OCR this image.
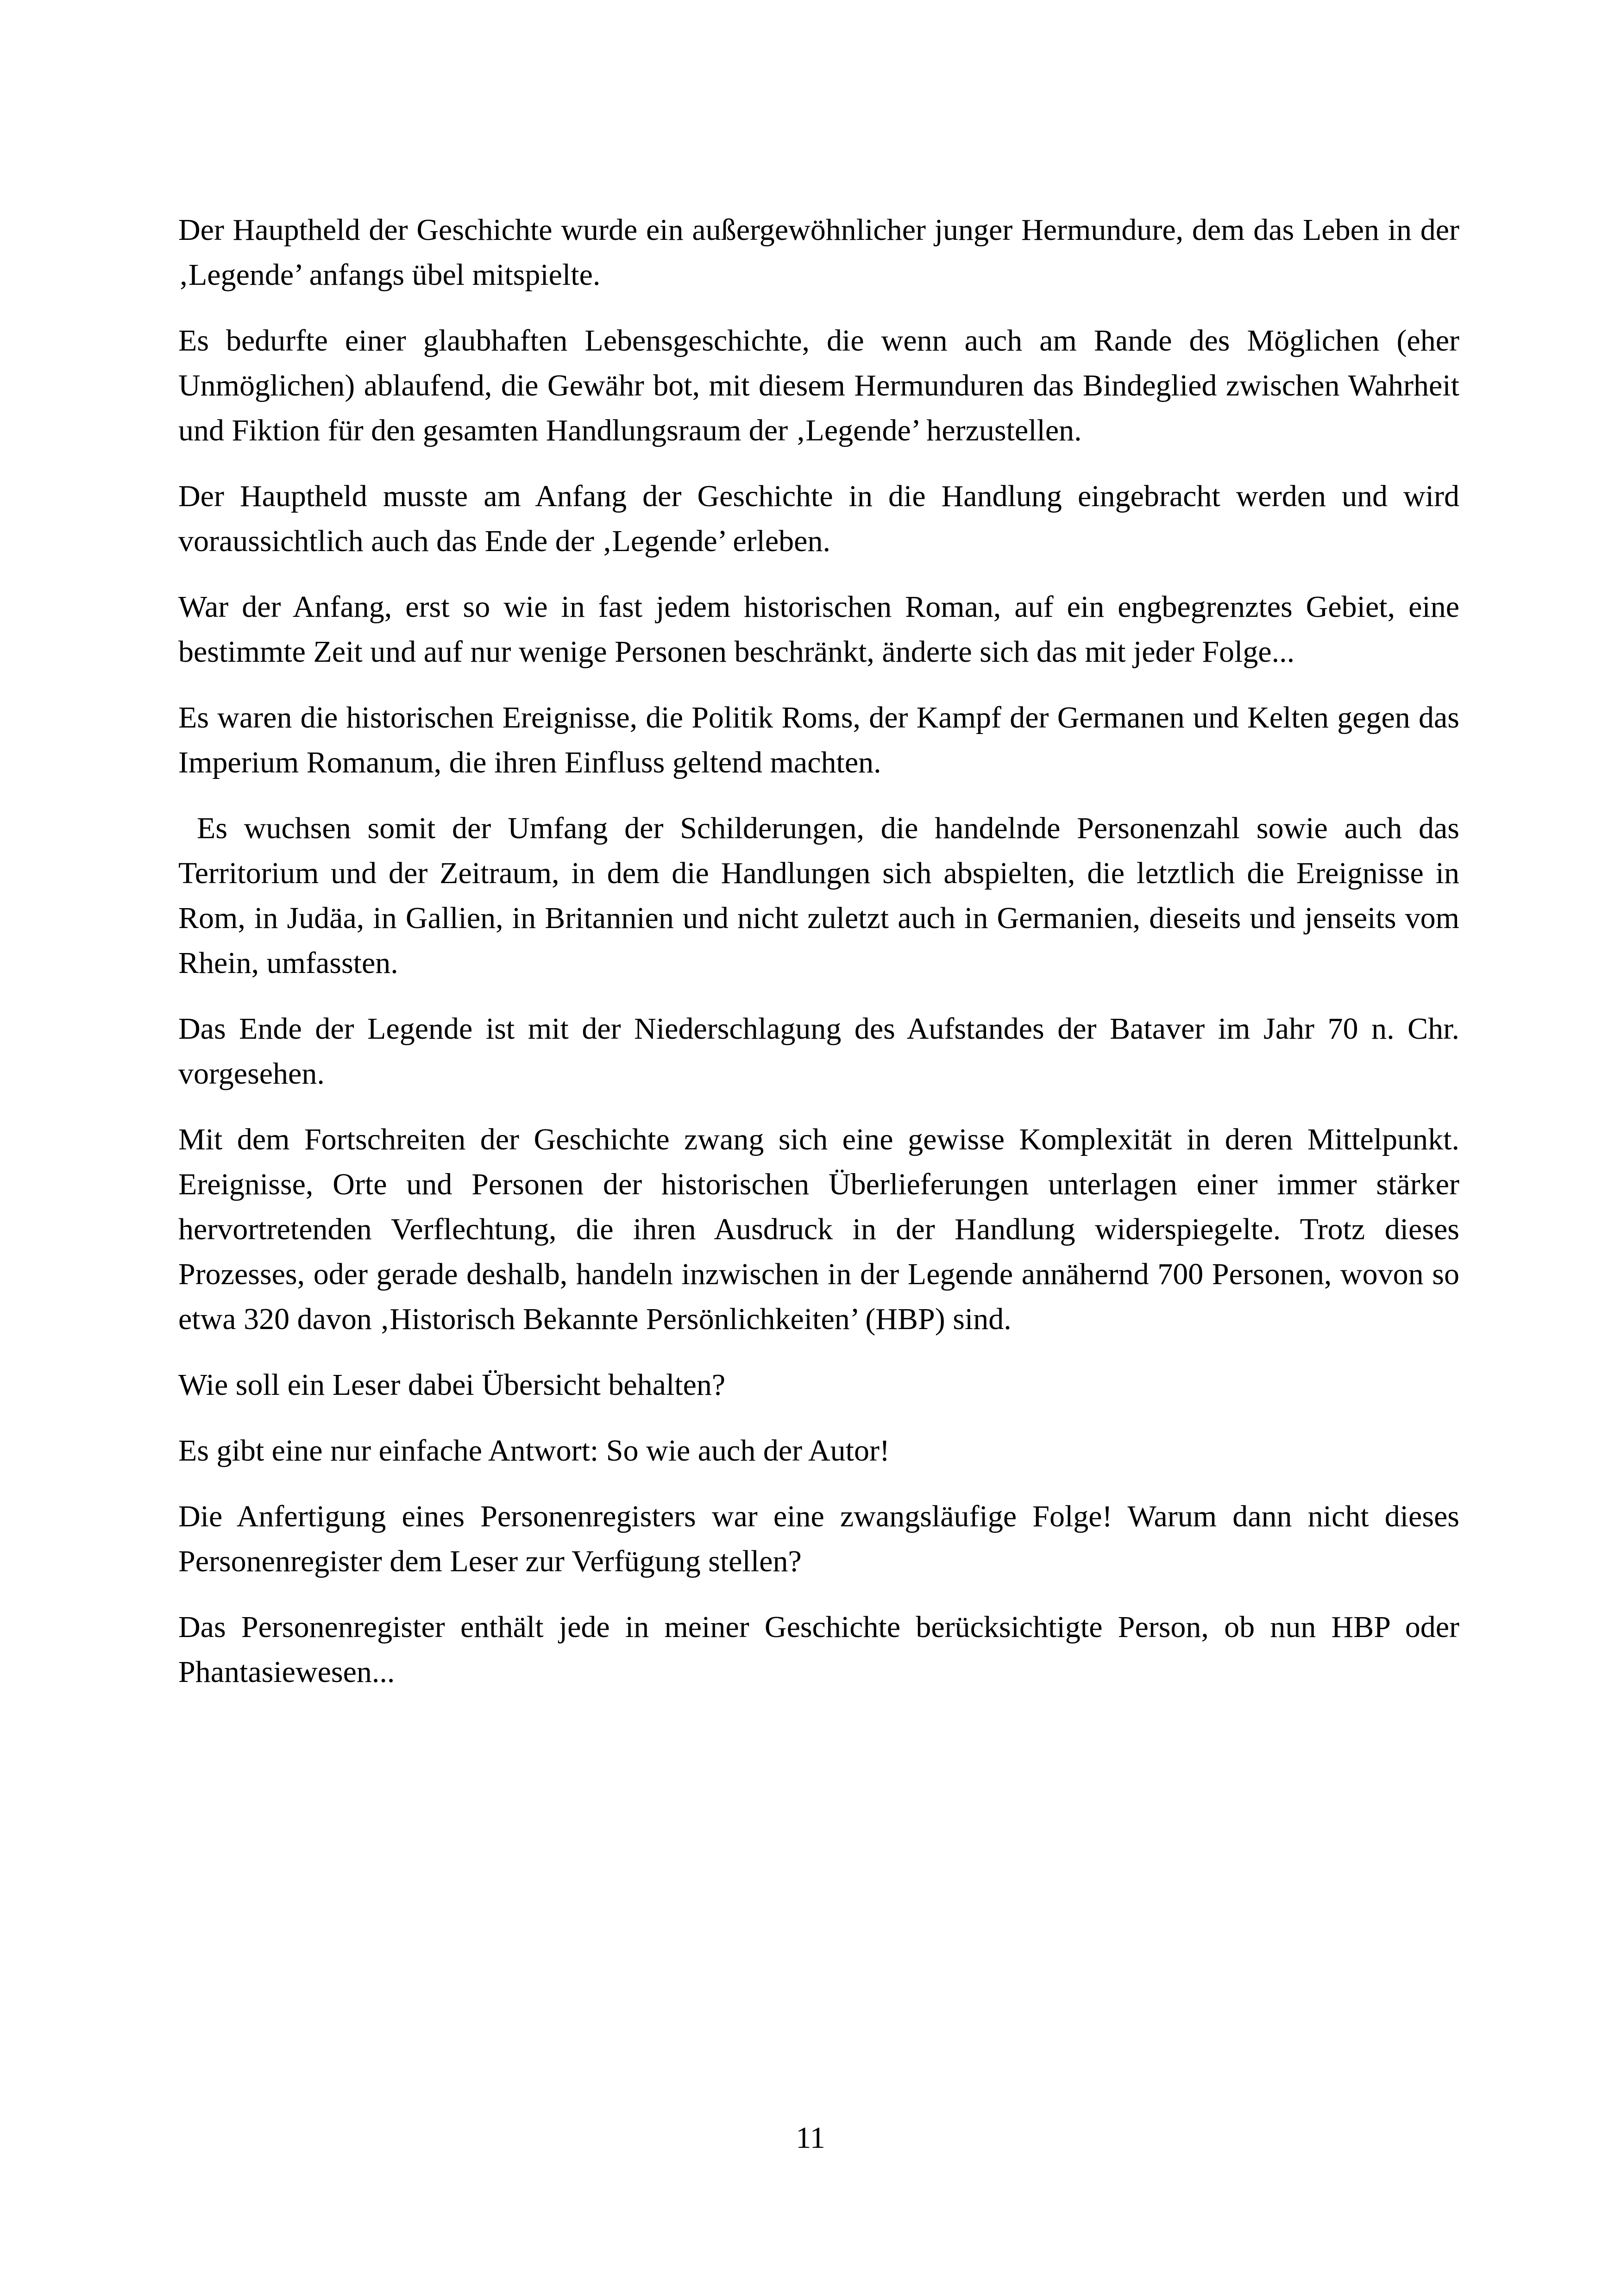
Der Hauptheld der Geschichte wurde ein außergewöhnlicher junger Hermundure, dem das Leben in der ‚Legende’ anfangs übel mitspielte.

Es bedurfte einer glaubhaften Lebensgeschichte, die wenn auch am Rande des Möglichen (eher Unmöglichen) ablaufend, die Gewähr bot, mit diesem Hermunduren das Bindeglied zwischen Wahrheit und Fiktion für den gesamten Handlungsraum der ‚Legende’ herzustellen.

Der Hauptheld musste am Anfang der Geschichte in die Handlung eingebracht werden und wird voraussichtlich auch das Ende der ‚Legende’ erleben.

War der Anfang, erst so wie in fast jedem historischen Roman, auf ein engbegrenztes Gebiet, eine bestimmte Zeit und auf nur wenige Personen beschränkt, änderte sich das mit jeder Folge...

Es waren die historischen Ereignisse, die Politik Roms, der Kampf der Germanen und Kelten gegen das Imperium Romanum, die ihren Einfluss geltend machten.

Es wuchsen somit der Umfang der Schilderungen, die handelnde Personenzahl sowie auch das Territorium und der Zeitraum, in dem die Handlungen sich abspielten, die letztlich die Ereignisse in Rom, in Judäa, in Gallien, in Britannien und nicht zuletzt auch in Germanien, dieseits und jenseits vom Rhein, umfassten.

Das Ende der Legende ist mit der Niederschlagung des Aufstandes der Bataver im Jahr 70 n. Chr. vorgesehen.

Mit dem Fortschreiten der Geschichte zwang sich eine gewisse Komplexität in deren Mittelpunkt. Ereignisse, Orte und Personen der historischen Überlieferungen unterlagen einer immer stärker hervortretenden Verflechtung, die ihren Ausdruck in der Handlung widerspiegelte. Trotz dieses Prozesses, oder gerade deshalb, handeln inzwischen in der Legende annähernd 700 Personen, wovon so etwa 320 davon ‚Historisch Bekannte Persönlichkeiten’ (HBP) sind.

Wie soll ein Leser dabei Übersicht behalten?

Es gibt eine nur einfache Antwort: So wie auch der Autor!

Die Anfertigung eines Personenregisters war eine zwangsläufige Folge! Warum dann nicht dieses Personenregister dem Leser zur Verfügung stellen?

Das Personenregister enthält jede in meiner Geschichte berücksichtigte Person, ob nun HBP oder Phantasiewesen...

11
